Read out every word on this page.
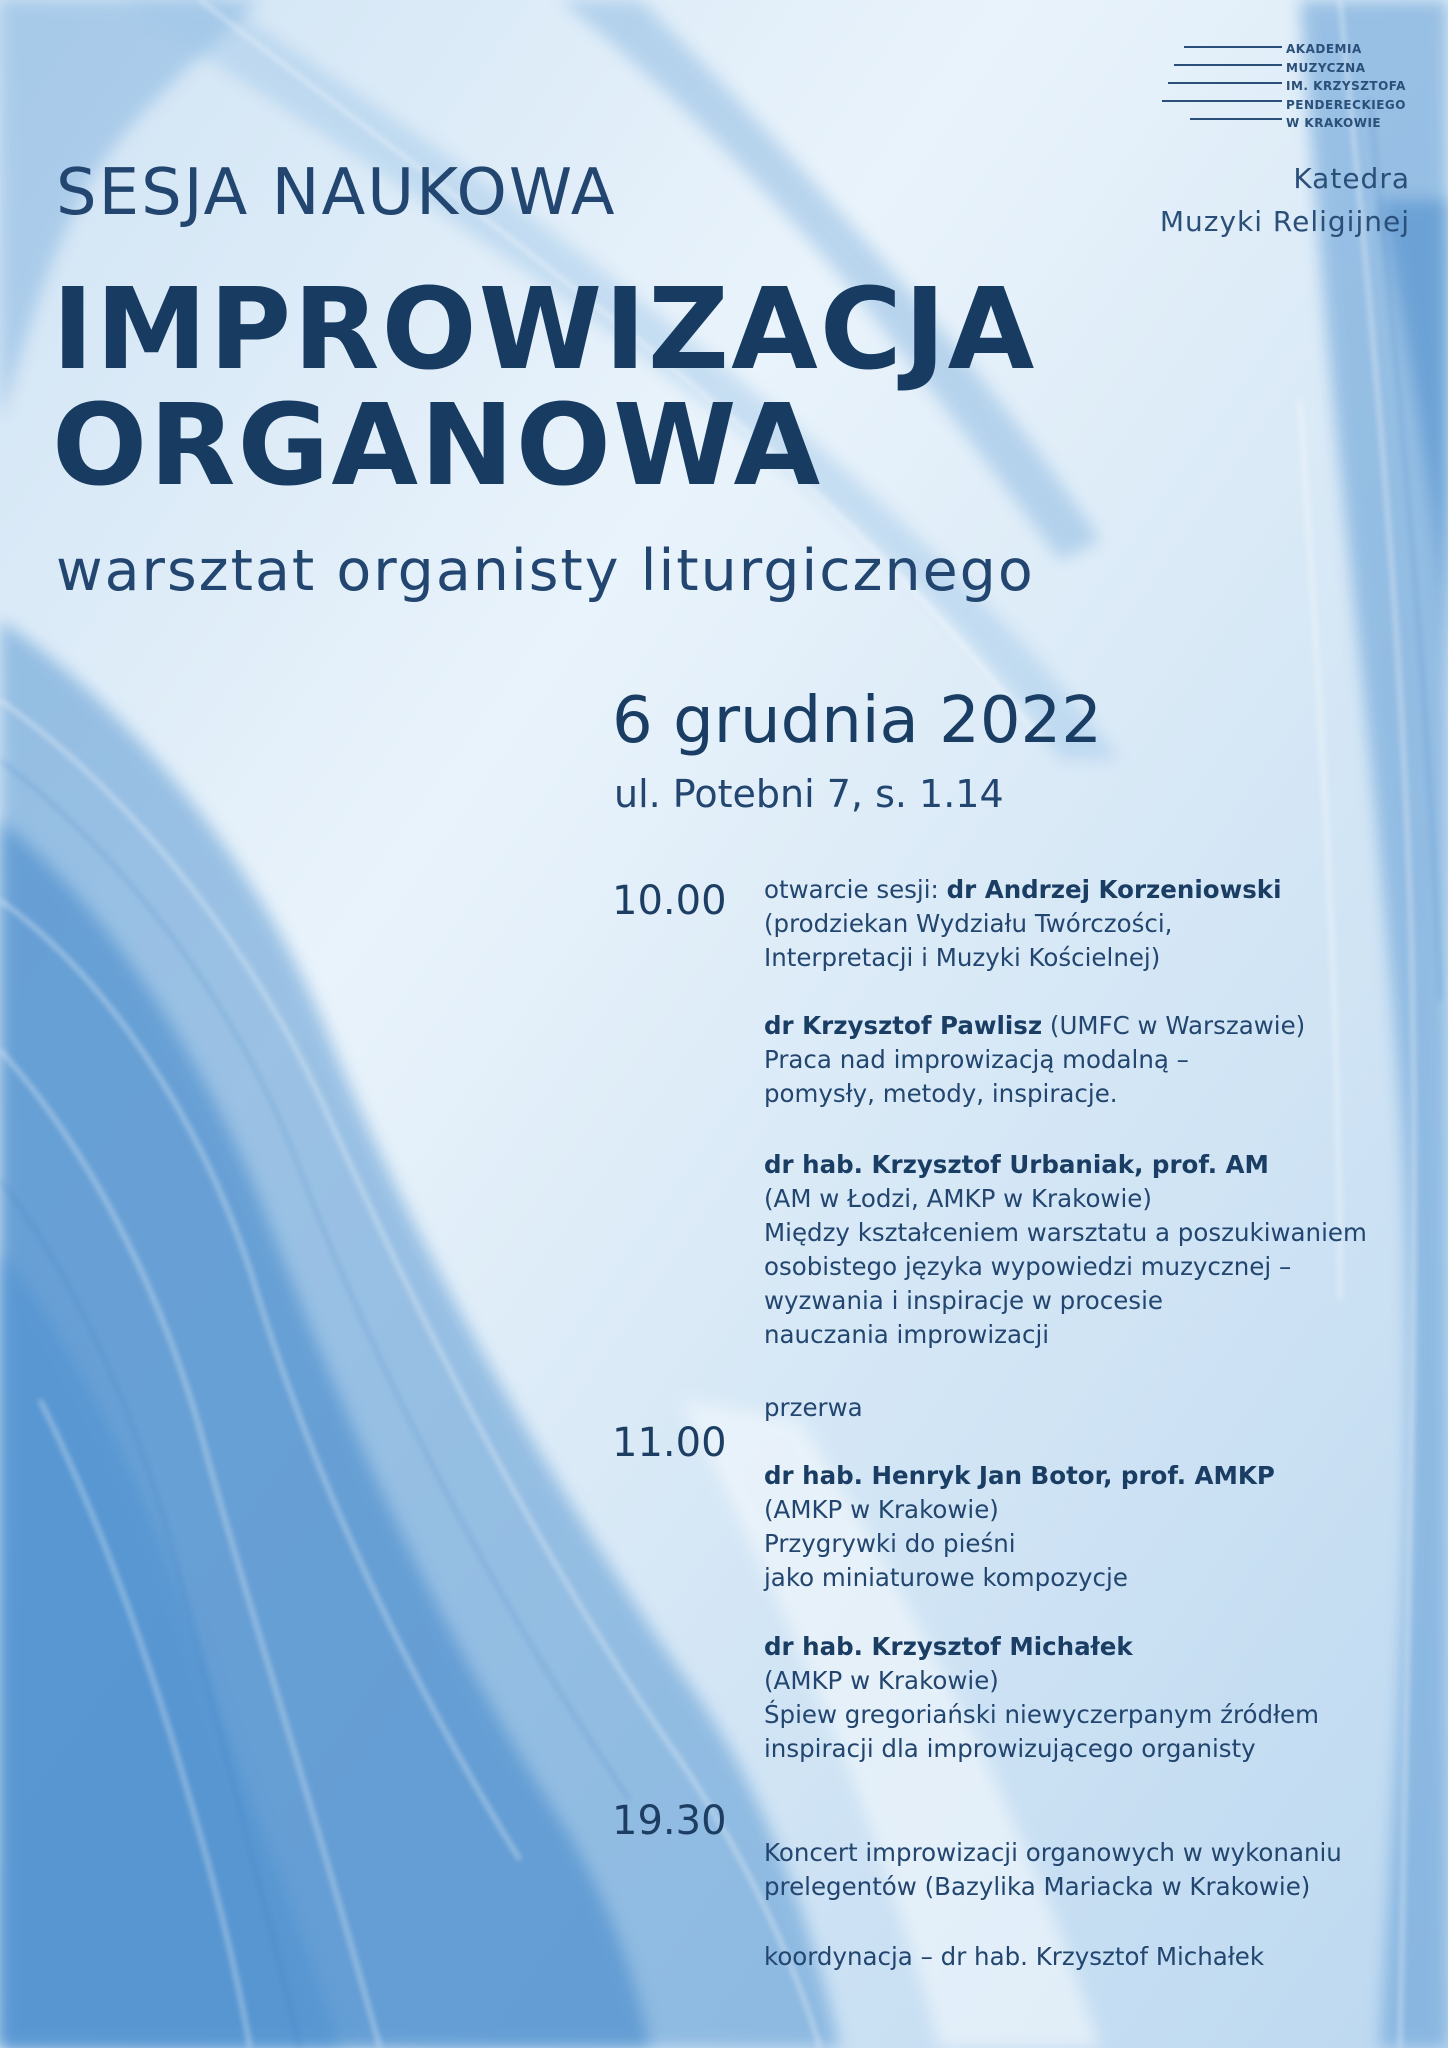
AKADEMIA
MUZYCZNA
IM. KRZYSZTOFA
PENDERECKIEGO
W KRAKOWIE
Katedra
Muzyki Religijnej
SESJA NAUKOWA
IMPROWIZACJA
ORGANOWA
warsztat organisty liturgicznego
6 grudnia 2022
ul. Potebni 7, s. 1.14
10.00
11.00
19.30
otwarcie sesji: dr Andrzej Korzeniowski
(prodziekan Wydziału Twórczości,
Interpretacji i Muzyki Kościelnej)
dr Krzysztof Pawlisz (UMFC w Warszawie)
Praca nad improwizacją modalną –
pomysły, metody, inspiracje.
dr hab. Krzysztof Urbaniak, prof. AM
(AM w Łodzi, AMKP w Krakowie)
Między kształceniem warsztatu a poszukiwaniem
osobistego języka wypowiedzi muzycznej –
wyzwania i inspiracje w procesie
nauczania improwizacji
przerwa
dr hab. Henryk Jan Botor, prof. AMKP
(AMKP w Krakowie)
Przygrywki do pieśni
jako miniaturowe kompozycje
dr hab. Krzysztof Michałek
(AMKP w Krakowie)
Śpiew gregoriański niewyczerpanym źródłem
inspiracji dla improwizującego organisty
Koncert improwizacji organowych w wykonaniu
prelegentów (Bazylika Mariacka w Krakowie)
koordynacja – dr hab. Krzysztof Michałek
